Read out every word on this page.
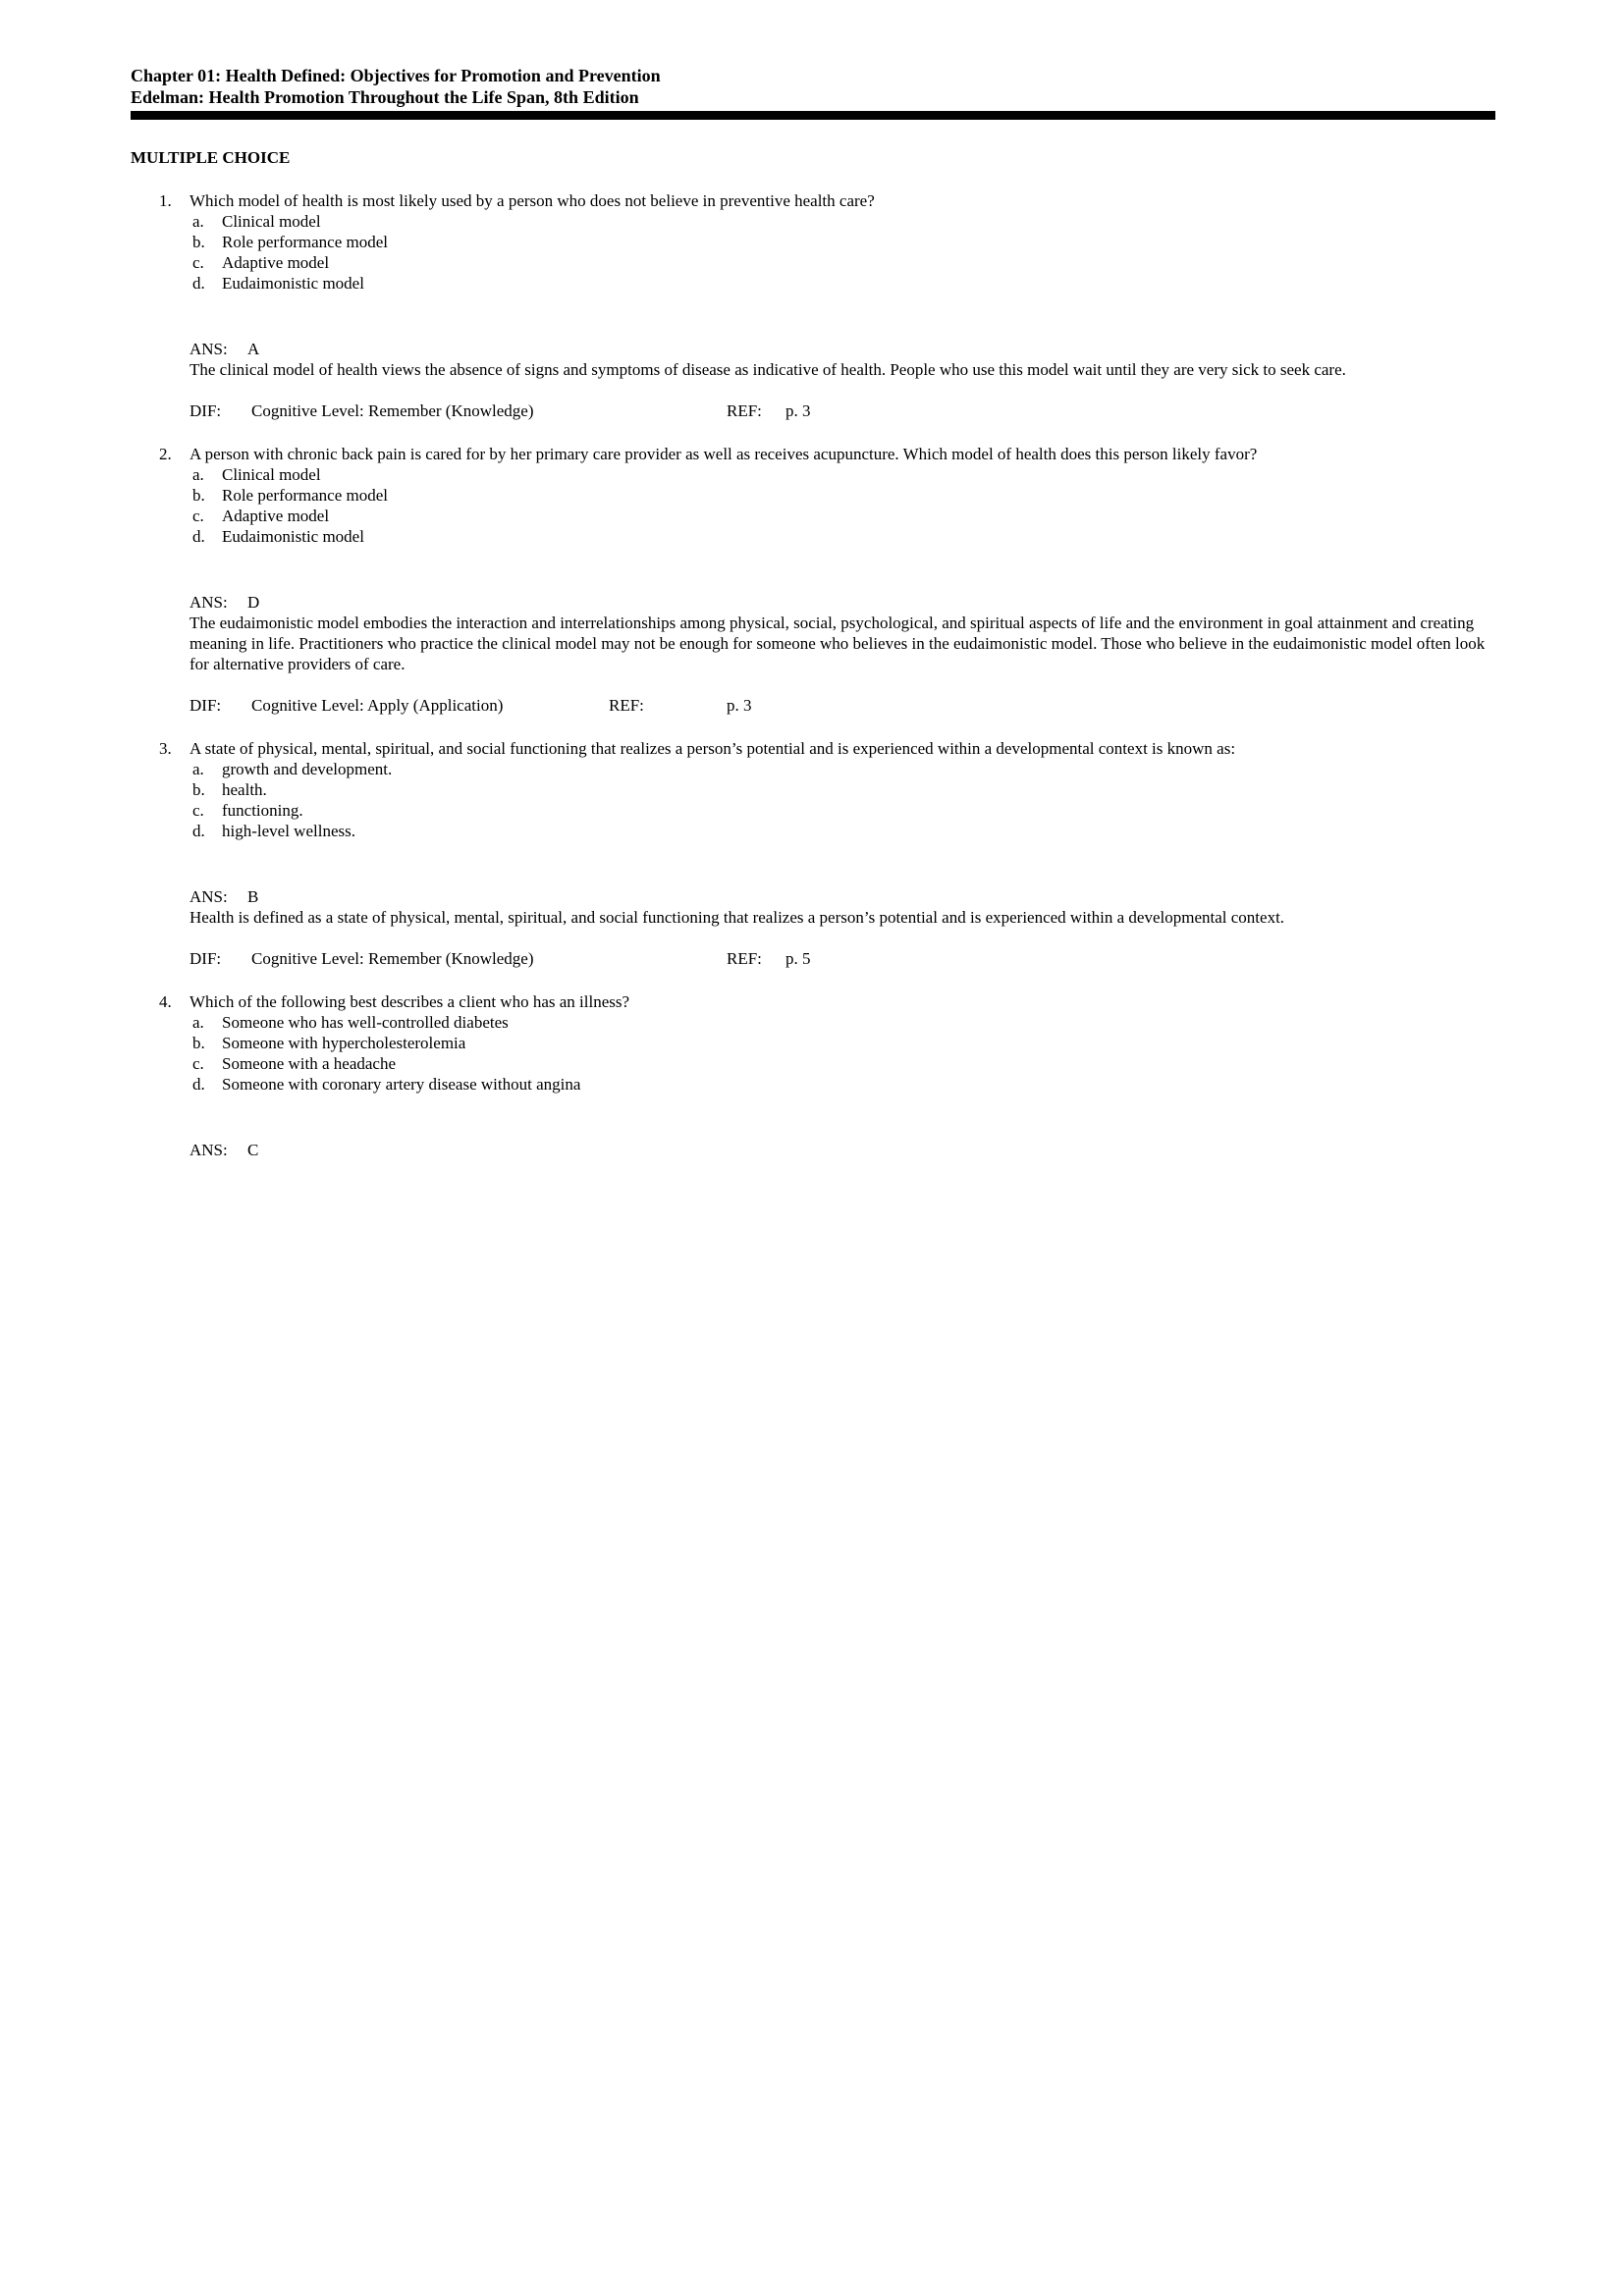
Chapter 01: Health Defined: Objectives for Promotion and Prevention
Edelman: Health Promotion Throughout the Life Span, 8th Edition
MULTIPLE CHOICE
1.	Which model of health is most likely used by a person who does not believe in preventive health care?
a.	Clinical model
b.	Role performance model
c.	Adaptive model
d.	Eudaimonistic model
ANS: A
The clinical model of health views the absence of signs and symptoms of disease as indicative of health. People who use this model wait until they are very sick to seek care.
DIF: Cognitive Level: Remember (Knowledge)	REF: p. 3
2.	A person with chronic back pain is cared for by her primary care provider as well as receives acupuncture. Which model of health does this person likely favor?
a.	Clinical model
b.	Role performance model
c.	Adaptive model
d.	Eudaimonistic model
ANS: D
The eudaimonistic model embodies the interaction and interrelationships among physical, social, psychological, and spiritual aspects of life and the environment in goal attainment and creating meaning in life. Practitioners who practice the clinical model may not be enough for someone who believes in the eudaimonistic model. Those who believe in the eudaimonistic model often look for alternative providers of care.
DIF: Cognitive Level: Apply (Application)	REF:	p. 3
3.	A state of physical, mental, spiritual, and social functioning that realizes a person’s potential and is experienced within a developmental context is known as:
a.	growth and development.
b.	health.
c.	functioning.
d.	high-level wellness.
ANS: B
Health is defined as a state of physical, mental, spiritual, and social functioning that realizes a person’s potential and is experienced within a developmental context.
DIF: Cognitive Level: Remember (Knowledge)	REF: p. 5
4.	Which of the following best describes a client who has an illness?
a.	Someone who has well-controlled diabetes
b.	Someone with hypercholesterolemia
c.	Someone with a headache
d.	Someone with coronary artery disease without angina
ANS: C
